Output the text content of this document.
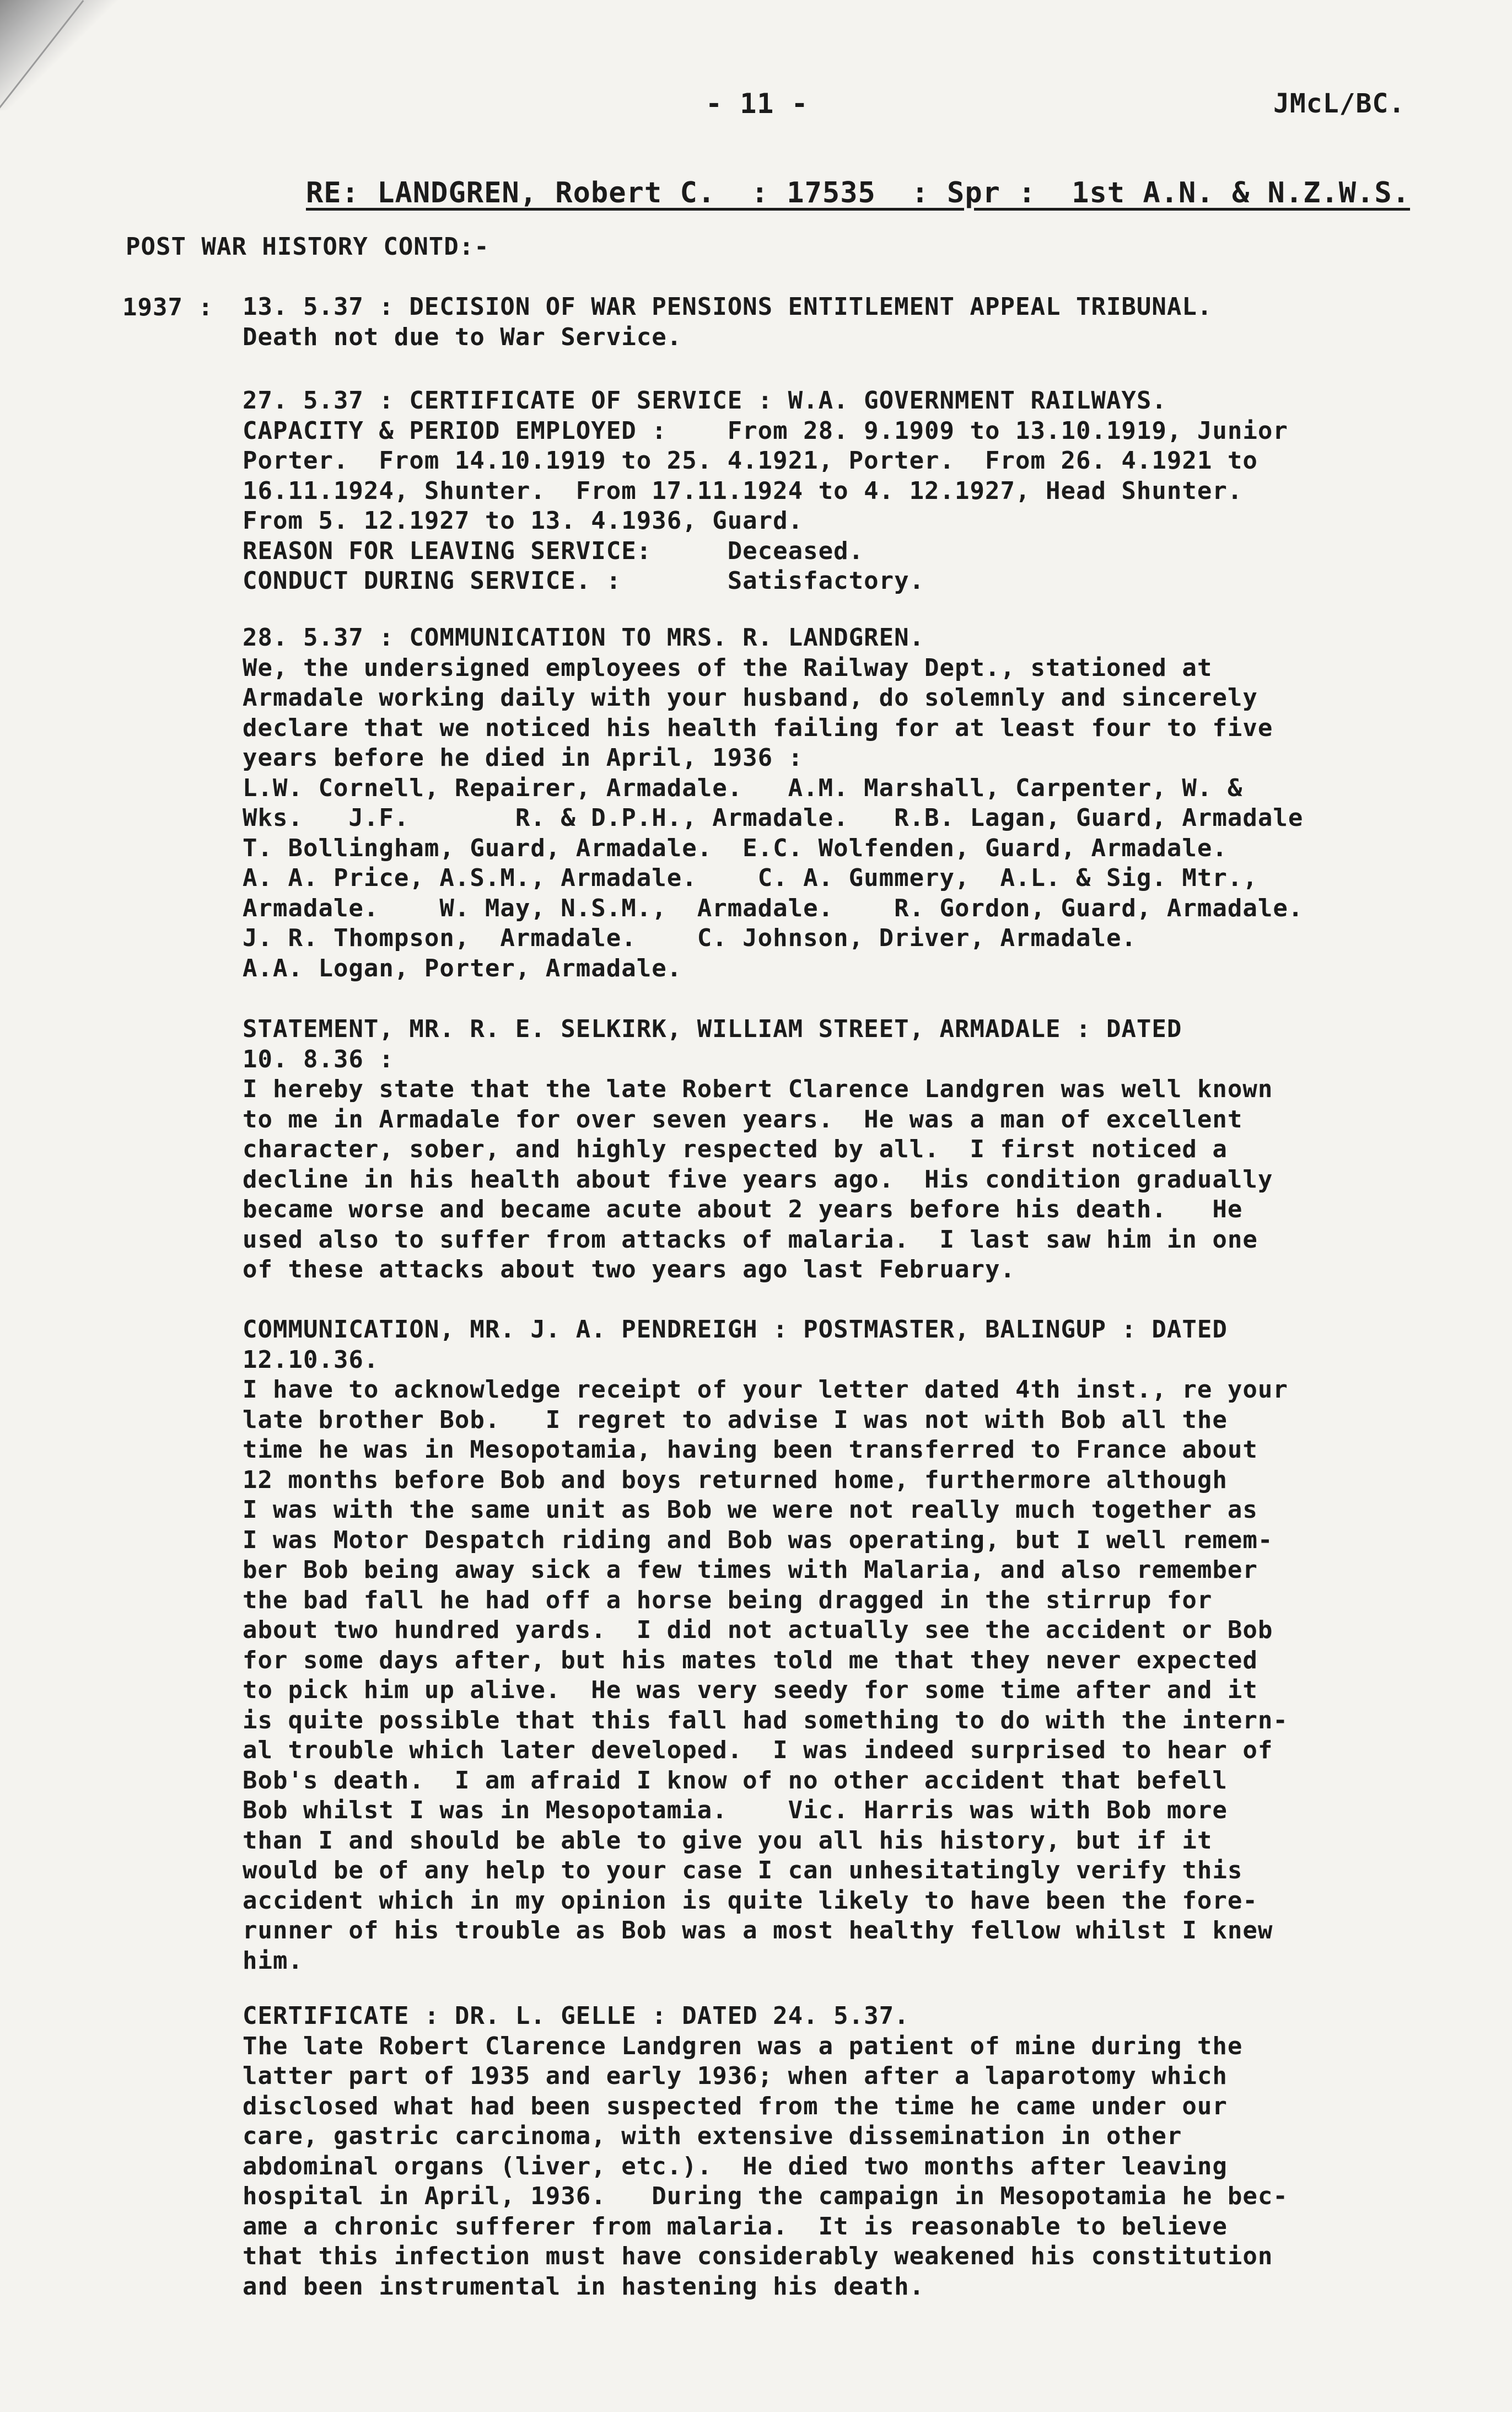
- 11 -	JMcL/BC.
RE: LANDGREN, Robert C.  : 17535  : Spr :  1st A.N. & N.Z.W.S.
POST WAR HISTORY CONTD:-
1937 : 13. 5.37 : DECISION OF WAR PENSIONS ENTITLEMENT APPEAL TRIBUNAL.
Death not due to War Service.
27. 5.37 : CERTIFICATE OF SERVICE : W.A. GOVERNMENT RAILWAYS.
CAPACITY & PERIOD EMPLOYED :    From 28. 9.1909 to 13.10.1919, Junior
Porter.  From 14.10.1919 to 25. 4.1921, Porter.  From 26. 4.1921 to
16.11.1924, Shunter.  From 17.11.1924 to 4. 12.1927, Head Shunter.
From 5. 12.1927 to 13. 4.1936, Guard.
REASON FOR LEAVING SERVICE:     Deceased.
CONDUCT DURING SERVICE. :       Satisfactory.
28. 5.37 : COMMUNICATION TO MRS. R. LANDGREN.
We, the undersigned employees of the Railway Dept., stationed at
Armadale working daily with your husband, do solemnly and sincerely
declare that we noticed his health failing for at least four to five
years before he died in April, 1936 :
L.W. Cornell, Repairer, Armadale.   A.M. Marshall, Carpenter, W. &
Wks.   J.F.       R. & D.P.H., Armadale.   R.B. Lagan, Guard, Armadale
T. Bollingham, Guard, Armadale.  E.C. Wolfenden, Guard, Armadale.
A. A. Price, A.S.M., Armadale.    C. A. Gummery,  A.L. & Sig. Mtr.,
Armadale.    W. May, N.S.M.,  Armadale.    R. Gordon, Guard, Armadale.
J. R. Thompson,  Armadale.    C. Johnson, Driver, Armadale.
A.A. Logan, Porter, Armadale.
STATEMENT, MR. R. E. SELKIRK, WILLIAM STREET, ARMADALE : DATED
10. 8.36 :
I hereby state that the late Robert Clarence Landgren was well known
to me in Armadale for over seven years.  He was a man of excellent
character, sober, and highly respected by all.  I first noticed a
decline in his health about five years ago.  His condition gradually
became worse and became acute about 2 years before his death.   He
used also to suffer from attacks of malaria.  I last saw him in one
of these attacks about two years ago last February.
COMMUNICATION, MR. J. A. PENDREIGH : POSTMASTER, BALINGUP : DATED
12.10.36.
I have to acknowledge receipt of your letter dated 4th inst., re your
late brother Bob.   I regret to advise I was not with Bob all the
time he was in Mesopotamia, having been transferred to France about
12 months before Bob and boys returned home, furthermore although
I was with the same unit as Bob we were not really much together as
I was Motor Despatch riding and Bob was operating, but I well remem-
ber Bob being away sick a few times with Malaria, and also remember
the bad fall he had off a horse being dragged in the stirrup for
about two hundred yards.  I did not actually see the accident or Bob
for some days after, but his mates told me that they never expected
to pick him up alive.  He was very seedy for some time after and it
is quite possible that this fall had something to do with the intern-
al trouble which later developed.  I was indeed surprised to hear of
Bob's death.  I am afraid I know of no other accident that befell
Bob whilst I was in Mesopotamia.    Vic. Harris was with Bob more
than I and should be able to give you all his history, but if it
would be of any help to your case I can unhesitatingly verify this
accident which in my opinion is quite likely to have been the fore-
runner of his trouble as Bob was a most healthy fellow whilst I knew
him.
CERTIFICATE : DR. L. GELLE : DATED 24. 5.37.
The late Robert Clarence Landgren was a patient of mine during the
latter part of 1935 and early 1936; when after a laparotomy which
disclosed what had been suspected from the time he came under our
care, gastric carcinoma, with extensive dissemination in other
abdominal organs (liver, etc.).  He died two months after leaving
hospital in April, 1936.   During the campaign in Mesopotamia he bec-
ame a chronic sufferer from malaria.  It is reasonable to believe
that this infection must have considerably weakened his constitution
and been instrumental in hastening his death.
